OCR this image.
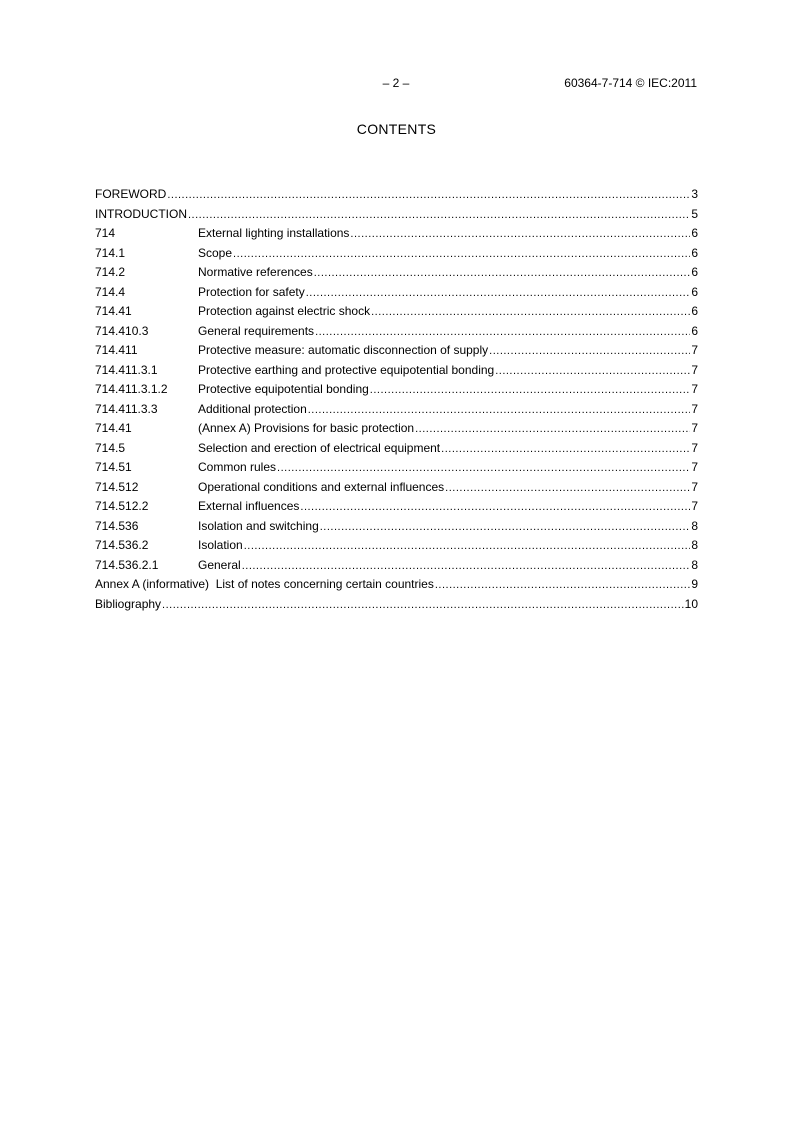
– 2 –	60364-7-714 © IEC:2011
CONTENTS
FOREWORD .....	3
INTRODUCTION .....	5
714	External lighting installations .....	6
714.1	Scope .....	6
714.2	Normative references .....	6
714.4	Protection for safety .....	6
714.41	Protection against electric shock .....	6
714.410.3	General requirements .....	6
714.411	Protective measure: automatic disconnection of supply .....	7
714.411.3.1	Protective earthing and protective equipotential bonding .....	7
714.411.3.1.2	Protective equipotential bonding .....	7
714.411.3.3	Additional protection .....	7
714.41	(Annex A) Provisions for basic protection .....	7
714.5	Selection and erection of electrical equipment .....	7
714.51	Common rules .....	7
714.512	Operational conditions and external influences .....	7
714.512.2	External influences .....	7
714.536	Isolation and switching .....	8
714.536.2	Isolation .....	8
714.536.2.1	General .....	8
Annex A (informative)  List of notes concerning certain countries .....	9
Bibliography .....	10
